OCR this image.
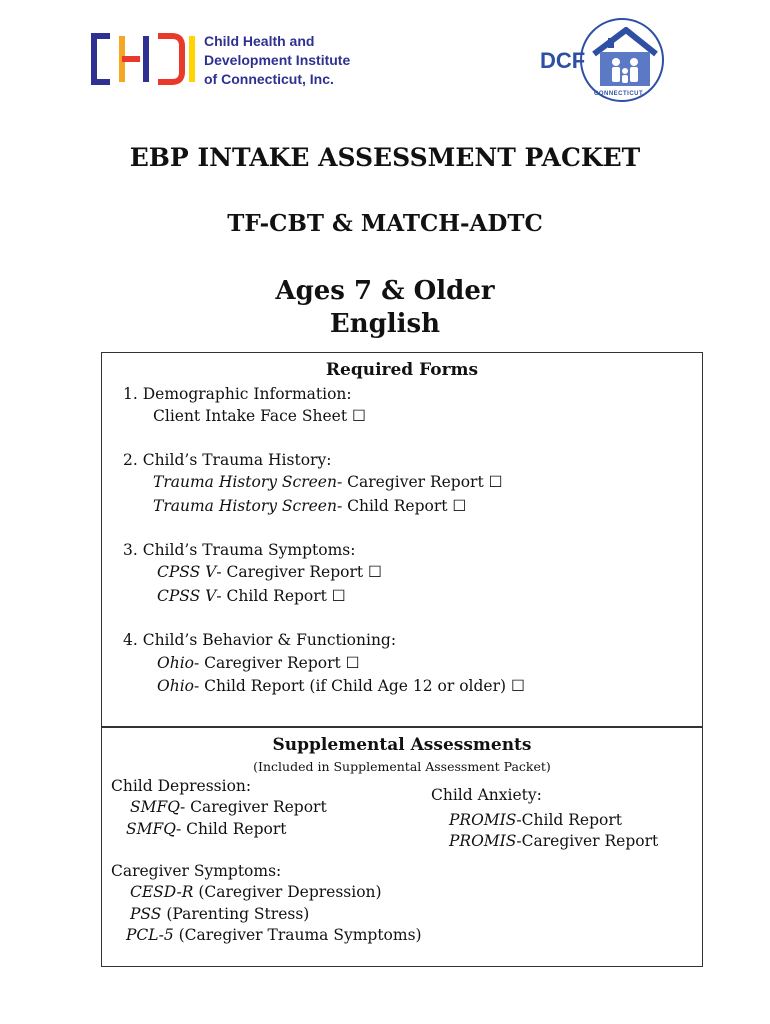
Child Health and
Development Institute
of Connecticut, Inc.
DCF
CONNECTICUT
EBP INTAKE ASSESSMENT PACKET
TF-CBT & MATCH-ADTC
Ages 7 & Older
English
Required Forms
1. Demographic Information:
Client Intake Face Sheet ☐
2. Child’s Trauma History:
Trauma History Screen- Caregiver Report ☐
Trauma History Screen- Child Report ☐
3. Child’s Trauma Symptoms:
CPSS V- Caregiver Report ☐
CPSS V- Child Report ☐
4. Child’s Behavior & Functioning:
Ohio- Caregiver Report ☐
Ohio- Child Report (if Child Age 12 or older) ☐
Supplemental Assessments
(Included in Supplemental Assessment Packet)
Child Depression:
SMFQ- Caregiver Report
SMFQ- Child Report
Child Anxiety:
PROMIS-Child Report
PROMIS-Caregiver Report
Caregiver Symptoms:
CESD-R (Caregiver Depression)
PSS (Parenting Stress)
PCL-5 (Caregiver Trauma Symptoms)
